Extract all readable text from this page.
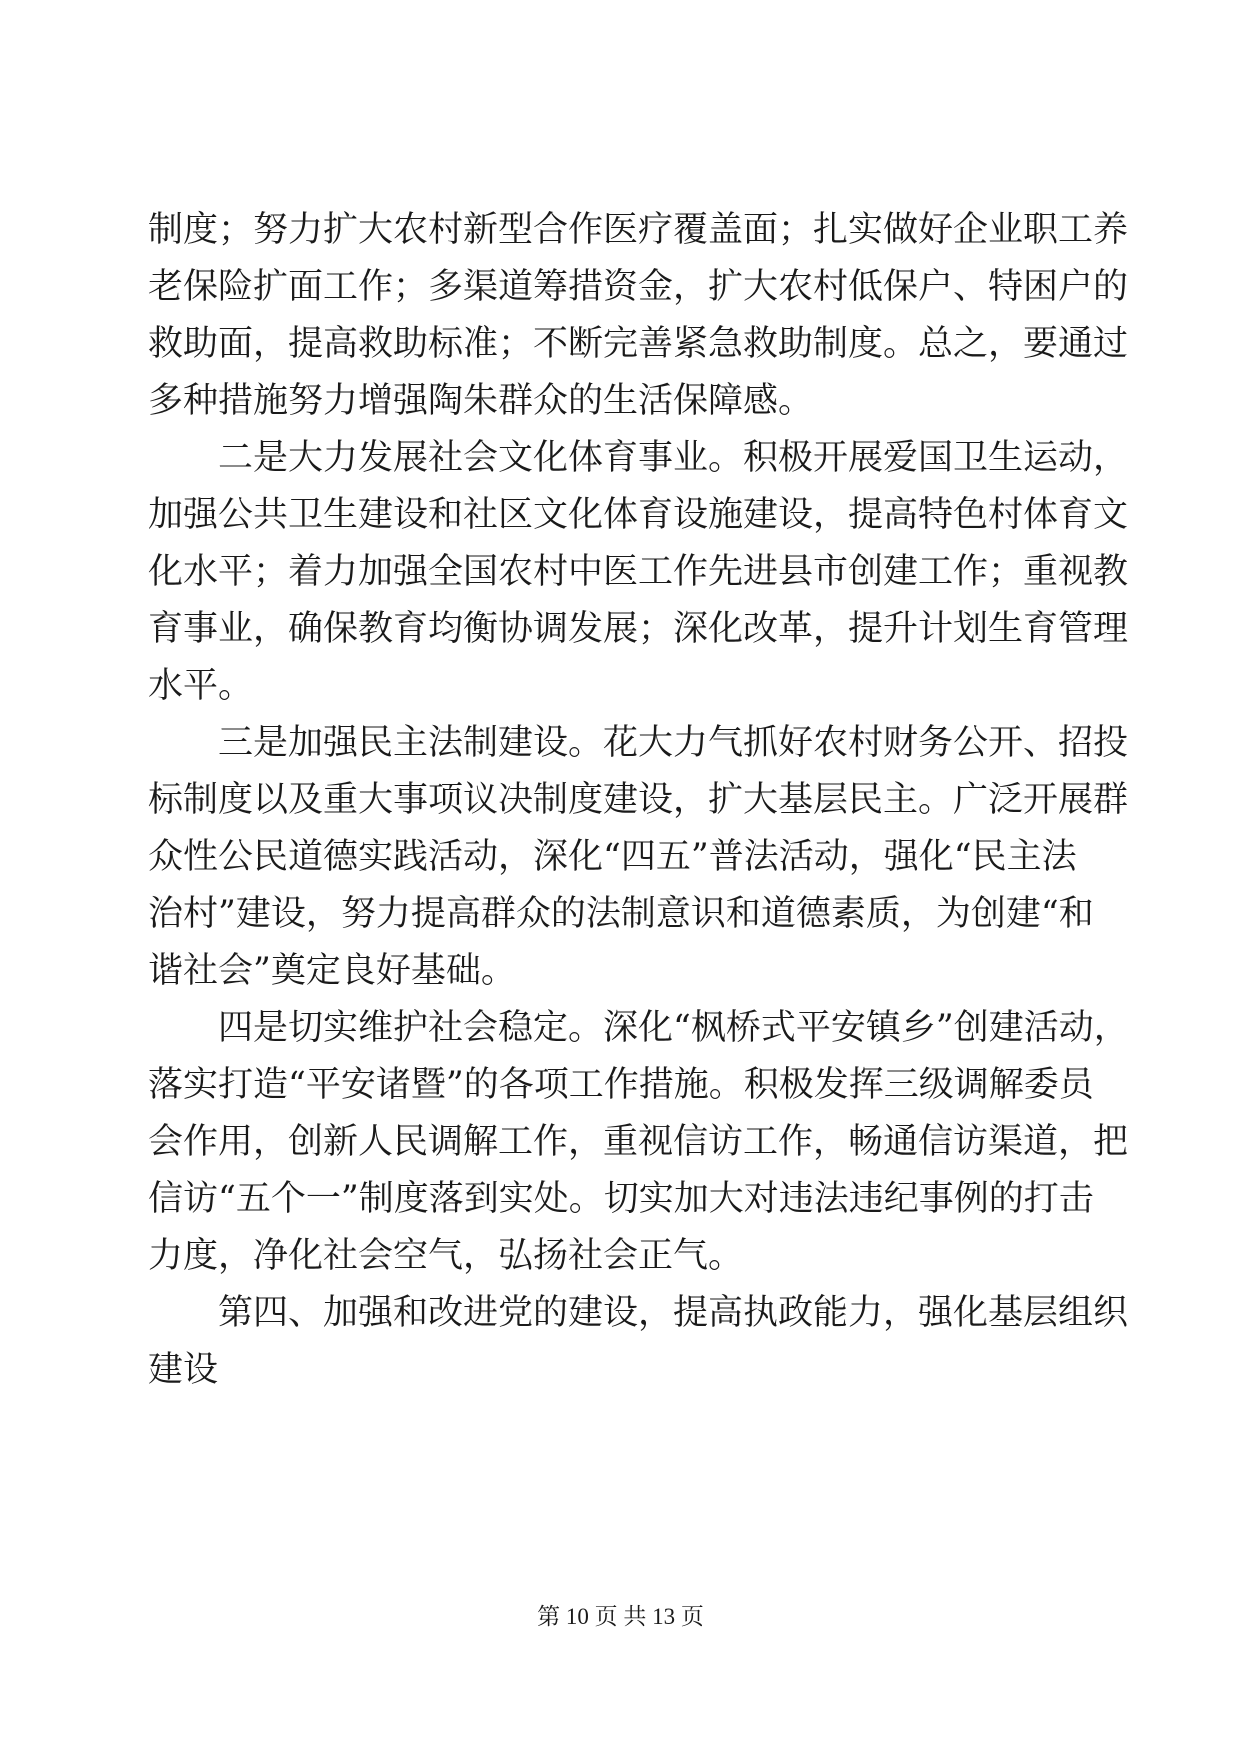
制度；努力扩大农村新型合作医疗覆盖面；扎实做好企业职工养
老保险扩面工作；多渠道筹措资金，扩大农村低保户、特困户的
救助面，提高救助标准；不断完善紧急救助制度。总之，要通过
多种措施努力增强陶朱群众的生活保障感。
二是大力发展社会文化体育事业。积极开展爱国卫生运动，
加强公共卫生建设和社区文化体育设施建设，提高特色村体育文
化水平；着力加强全国农村中医工作先进县市创建工作；重视教
育事业，确保教育均衡协调发展；深化改革，提升计划生育管理
水平。
三是加强民主法制建设。花大力气抓好农村财务公开、招投
标制度以及重大事项议决制度建设，扩大基层民主。广泛开展群
众性公民道德实践活动，深化“四五”普法活动，强化“民主法
治村”建设，努力提高群众的法制意识和道德素质，为创建“和
谐社会”奠定良好基础。
四是切实维护社会稳定。深化“枫桥式平安镇乡”创建活动，
落实打造“平安诸暨”的各项工作措施。积极发挥三级调解委员
会作用，创新人民调解工作，重视信访工作，畅通信访渠道，把
信访“五个一”制度落到实处。切实加大对违法违纪事例的打击
力度，净化社会空气，弘扬社会正气。
第四、加强和改进党的建设，提高执政能力，强化基层组织
建设
第 10 页 共 13 页
